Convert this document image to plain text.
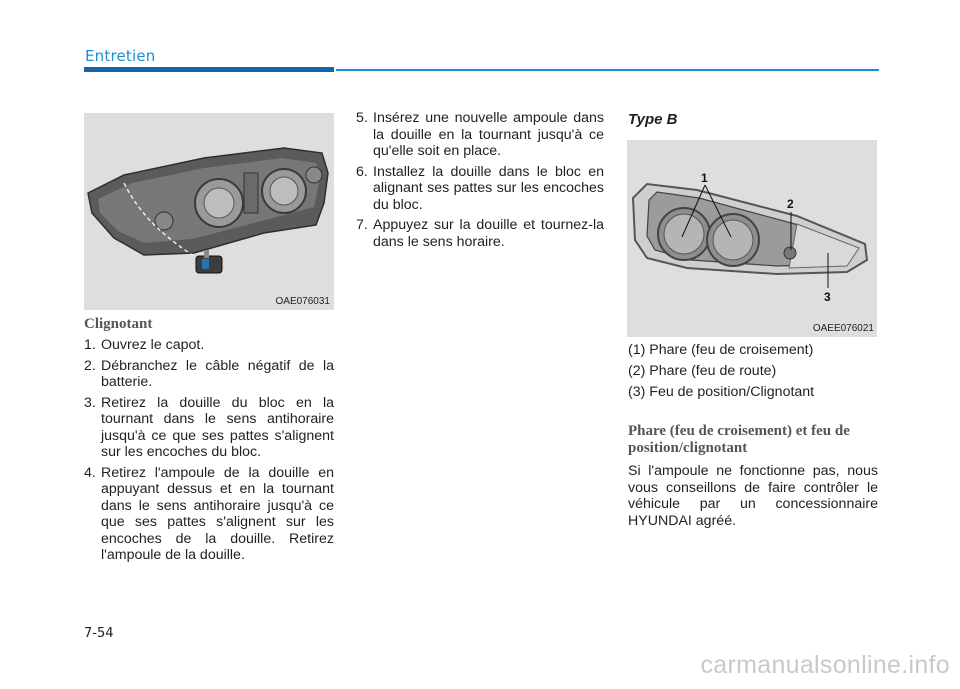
Entretien
OAE076031
Clignotant
1. Ouvrez le capot.
2. Débranchez le câble négatif de la batterie.
3. Retirez la douille du bloc en la tournant dans le sens antihoraire jusqu'à ce que ses pattes s'alignent sur les encoches du bloc.
4. Retirez l'ampoule de la douille en appuyant dessus et en la tournant dans le sens antihoraire jusqu'à ce que ses pattes s'alignent sur les encoches de la douille. Retirez l'ampoule de la douille.
5. Insérez une nouvelle ampoule dans la douille en la tournant jusqu'à ce qu'elle soit en place.
6. Installez la douille dans le bloc en alignant ses pattes sur les encoches du bloc.
7. Appuyez sur la douille et tournez-la dans le sens horaire.
Type B
1
2
3
OAEE076021

(1) Phare (feu de croisement)

(2) Phare (feu de route)

(3) Feu de position/Clignotant

Phare (feu de croisement) et feu de position/clignotant

Si l'ampoule ne fonctionne pas, nous vous conseillons de faire contrôler le véhicule par un concessionnaire HYUNDAI agréé.

7-54
carmanualsonline.info
